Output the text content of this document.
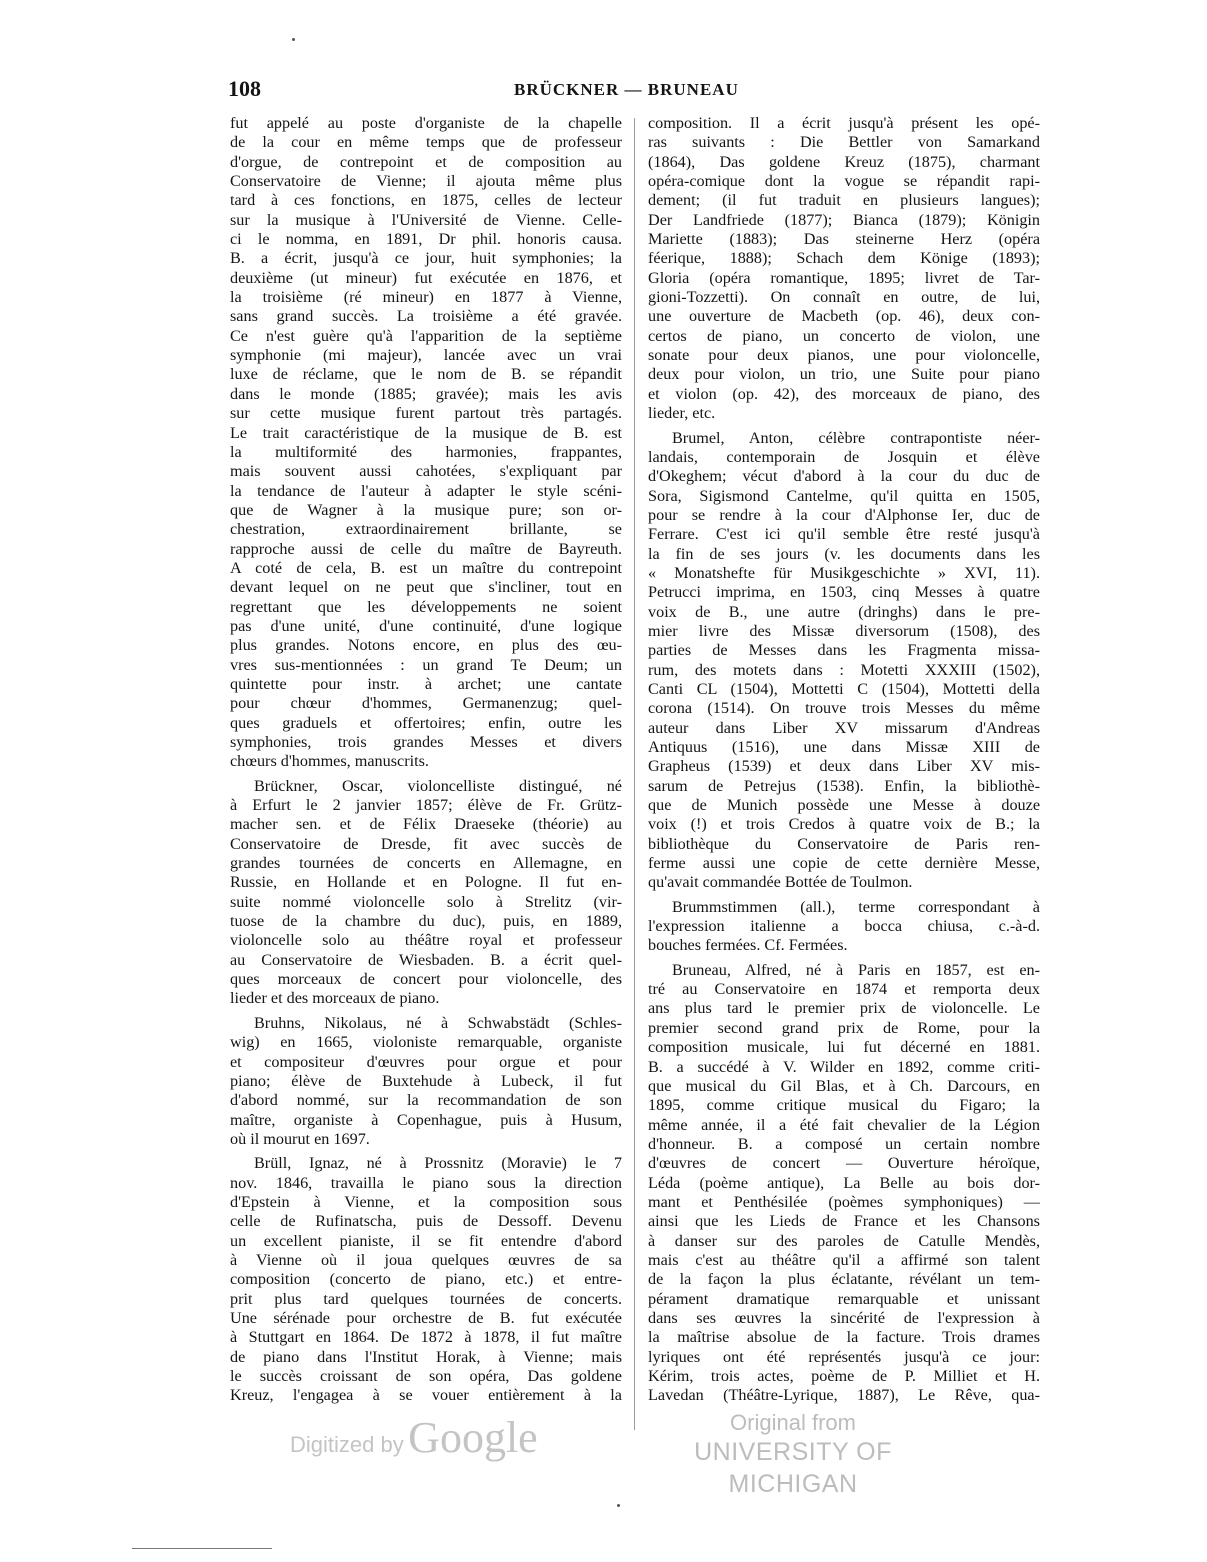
108	BRÜCKNER — BRUNEAU
fut appelé au poste d'organiste de la chapelle
de la cour en même temps que de professeur
d'orgue, de contrepoint et de composition au
Conservatoire de Vienne; il ajouta même plus
tard à ces fonctions, en 1875, celles de lecteur
sur la musique à l'Université de Vienne. Celle-
ci le nomma, en 1891, Dr phil. honoris causa.
B. a écrit, jusqu'à ce jour, huit symphonies; la
deuxième (ut mineur) fut exécutée en 1876, et
la troisième (ré mineur) en 1877 à Vienne,
sans grand succès. La troisième a été gravée.
Ce n'est guère qu'à l'apparition de la septième
symphonie (mi majeur), lancée avec un vrai
luxe de réclame, que le nom de B. se répandit
dans le monde (1885; gravée); mais les avis
sur cette musique furent partout très partagés.
Le trait caractéristique de la musique de B. est
la multiformité des harmonies, frappantes,
mais souvent aussi cahotées, s'expliquant par
la tendance de l'auteur à adapter le style scéni-
que de Wagner à la musique pure; son or-
chestration, extraordinairement brillante, se
rapproche aussi de celle du maître de Bayreuth.
A coté de cela, B. est un maître du contrepoint
devant lequel on ne peut que s'incliner, tout en
regrettant que les développements ne soient
pas d'une unité, d'une continuité, d'une logique
plus grandes. Notons encore, en plus des œu-
vres sus-mentionnées : un grand Te Deum; un
quintette pour instr. à archet; une cantate
pour chœur d'hommes, Germanenzug; quel-
ques graduels et offertoires; enfin, outre les
symphonies, trois grandes Messes et divers
chœurs d'hommes, manuscrits.
Brückner, Oscar, violoncelliste distingué, né
à Erfurt le 2 janvier 1857; élève de Fr. Grütz-
macher sen. et de Félix Draeseke (théorie) au
Conservatoire de Dresde, fit avec succès de
grandes tournées de concerts en Allemagne, en
Russie, en Hollande et en Pologne. Il fut en-
suite nommé violoncelle solo à Strelitz (vir-
tuose de la chambre du duc), puis, en 1889,
violoncelle solo au théâtre royal et professeur
au Conservatoire de Wiesbaden. B. a écrit quel-
ques morceaux de concert pour violoncelle, des
lieder et des morceaux de piano.
Bruhns, Nikolaus, né à Schwabstädt (Schles-
wig) en 1665, violoniste remarquable, organiste
et compositeur d'œuvres pour orgue et pour
piano; élève de Buxtehude à Lubeck, il fut
d'abord nommé, sur la recommandation de son
maître, organiste à Copenhague, puis à Husum,
où il mourut en 1697.
Brüll, Ignaz, né à Prossnitz (Moravie) le 7
nov. 1846, travailla le piano sous la direction
d'Epstein à Vienne, et la composition sous
celle de Rufinatscha, puis de Dessoff. Devenu
un excellent pianiste, il se fit entendre d'abord
à Vienne où il joua quelques œuvres de sa
composition (concerto de piano, etc.) et entre-
prit plus tard quelques tournées de concerts.
Une sérénade pour orchestre de B. fut exécutée
à Stuttgart en 1864. De 1872 à 1878, il fut maître
de piano dans l'Institut Horak, à Vienne; mais
le succès croissant de son opéra, Das goldene
Kreuz, l'engagea à se vouer entièrement à la
composition. Il a écrit jusqu'à présent les opé-
ras suivants : Die Bettler von Samarkand
(1864), Das goldene Kreuz (1875), charmant
opéra-comique dont la vogue se répandit rapi-
dement; (il fut traduit en plusieurs langues);
Der Landfriede (1877); Bianca (1879); Königin
Mariette (1883); Das steinerne Herz (opéra
féerique, 1888); Schach dem Könige (1893);
Gloria (opéra romantique, 1895; livret de Tar-
gioni-Tozzetti). On connaît en outre, de lui,
une ouverture de Macbeth (op. 46), deux con-
certos de piano, un concerto de violon, une
sonate pour deux pianos, une pour violoncelle,
deux pour violon, un trio, une Suite pour piano
et violon (op. 42), des morceaux de piano, des
lieder, etc.
Brumel, Anton, célèbre contrapontiste néer-
landais, contemporain de Josquin et élève
d'Okeghem; vécut d'abord à la cour du duc de
Sora, Sigismond Cantelme, qu'il quitta en 1505,
pour se rendre à la cour d'Alphonse Ier, duc de
Ferrare. C'est ici qu'il semble être resté jusqu'à
la fin de ses jours (v. les documents dans les
« Monatshefte für Musikgeschichte » XVI, 11).
Petrucci imprima, en 1503, cinq Messes à quatre
voix de B., une autre (dringhs) dans le pre-
mier livre des Missæ diversorum (1508), des
parties de Messes dans les Fragmenta missa-
rum, des motets dans : Motetti XXXIII (1502),
Canti CL (1504), Mottetti C (1504), Mottetti della
corona (1514). On trouve trois Messes du même
auteur dans Liber XV missarum d'Andreas
Antiquus (1516), une dans Missæ XIII de
Grapheus (1539) et deux dans Liber XV mis-
sarum de Petrejus (1538). Enfin, la bibliothè-
que de Munich possède une Messe à douze
voix (!) et trois Credos à quatre voix de B.; la
bibliothèque du Conservatoire de Paris ren-
ferme aussi une copie de cette dernière Messe,
qu'avait commandée Bottée de Toulmon.
Brummstimmen (all.), terme correspondant à
l'expression italienne a bocca chiusa, c.-à-d.
bouches fermées. Cf. Fermées.
Bruneau, Alfred, né à Paris en 1857, est en-
tré au Conservatoire en 1874 et remporta deux
ans plus tard le premier prix de violoncelle. Le
premier second grand prix de Rome, pour la
composition musicale, lui fut décerné en 1881.
B. a succédé à V. Wilder en 1892, comme criti-
que musical du Gil Blas, et à Ch. Darcours, en
1895, comme critique musical du Figaro; la
même année, il a été fait chevalier de la Légion
d'honneur. B. a composé un certain nombre
d'œuvres de concert — Ouverture héroïque,
Léda (poème antique), La Belle au bois dor-
mant et Penthésilée (poèmes symphoniques) —
ainsi que les Lieds de France et les Chansons
à danser sur des paroles de Catulle Mendès,
mais c'est au théâtre qu'il a affirmé son talent
de la façon la plus éclatante, révélant un tem-
pérament dramatique remarquable et unissant
dans ses œuvres la sincérité de l'expression à
la maîtrise absolue de la facture. Trois drames
lyriques ont été représentés jusqu'à ce jour:
Kérim, trois actes, poème de P. Milliet et H.
Lavedan (Théâtre-Lyrique, 1887), Le Rêve, qua-
Digitized by Google	Original from
UNIVERSITY OF MICHIGAN
